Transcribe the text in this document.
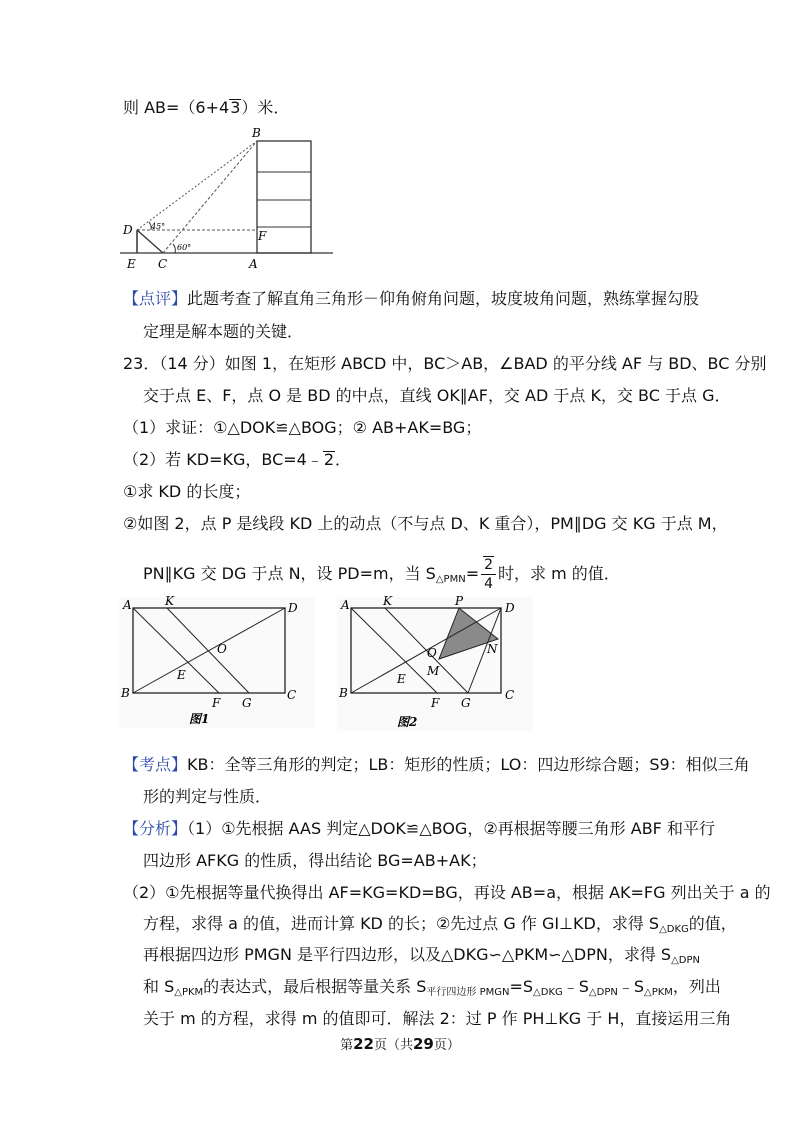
则 AB=（6+43）米．
B
D	F
E C	A
45°
60°
【点评】此题考查了解直角三角形－仰角俯角问题，坡度坡角问题，熟练掌握勾股
定理是解本题的关键．
23．（14 分）如图 1，在矩形 ABCD 中，BC＞AB，∠BAD 的平分线 AF 与 BD、BC 分别
交于点 E、F，点 O 是 BD 的中点，直线 OK∥AF，交 AD 于点 K，交 BC 于点 G．
（1）求证：①△DOK≌△BOG；② AB+AK=BG；
（2）若 KD=KG，BC=4﹣2．
①求 KD 的长度；
②如图 2，点 P 是线段 KD 上的动点（不与点 D、K 重合），PM∥DG 交 KG 于点 M，
PN∥KG 交 DG 于点 N，设 PD=m，当 $S_{\triangle PMN}= \frac{2}{4}$ 时，求 m 的值．
A	K	D
O
E
B
F G
C
图1
A	K	P	D
O	N
M
E
B
F G
C
图2
【考点】KB：全等三角形的判定；LB：矩形的性质；LO：四边形综合题；S9：相似三角
形的判定与性质．
【分析】（1）①先根据 AAS 判定△DOK≌△BOG，②再根据等腰三角形 ABF 和平行
四边形 AFKG 的性质，得出结论 BG=AB+AK；
（2）①先根据等量代换得出 AF=KG=KD=BG，再设 AB=a，根据 AK=FG 列出关于 a 的
方程，求得 a 的值，进而计算 KD 的长；②先过点 G 作 GI⊥KD，求得 $S_{\triangle DKG}$的值，
再根据四边形 PMGN 是平行四边形，以及△DKG∽△PKM∽△DPN，求得 $S_{\triangle DPN}$
和 $S_{\triangle PKM}$的表达式，最后根据等量关系 $S_{平行四边形 PMGN}=S_{\triangle DKG}﹣S_{\triangle DPN}﹣S_{\triangle PKM}$，列出
关于 m 的方程，求得 m 的值即可．解法 2：过 P 作 PH⊥KG 于 H，直接运用三角
第22页（共29页）
